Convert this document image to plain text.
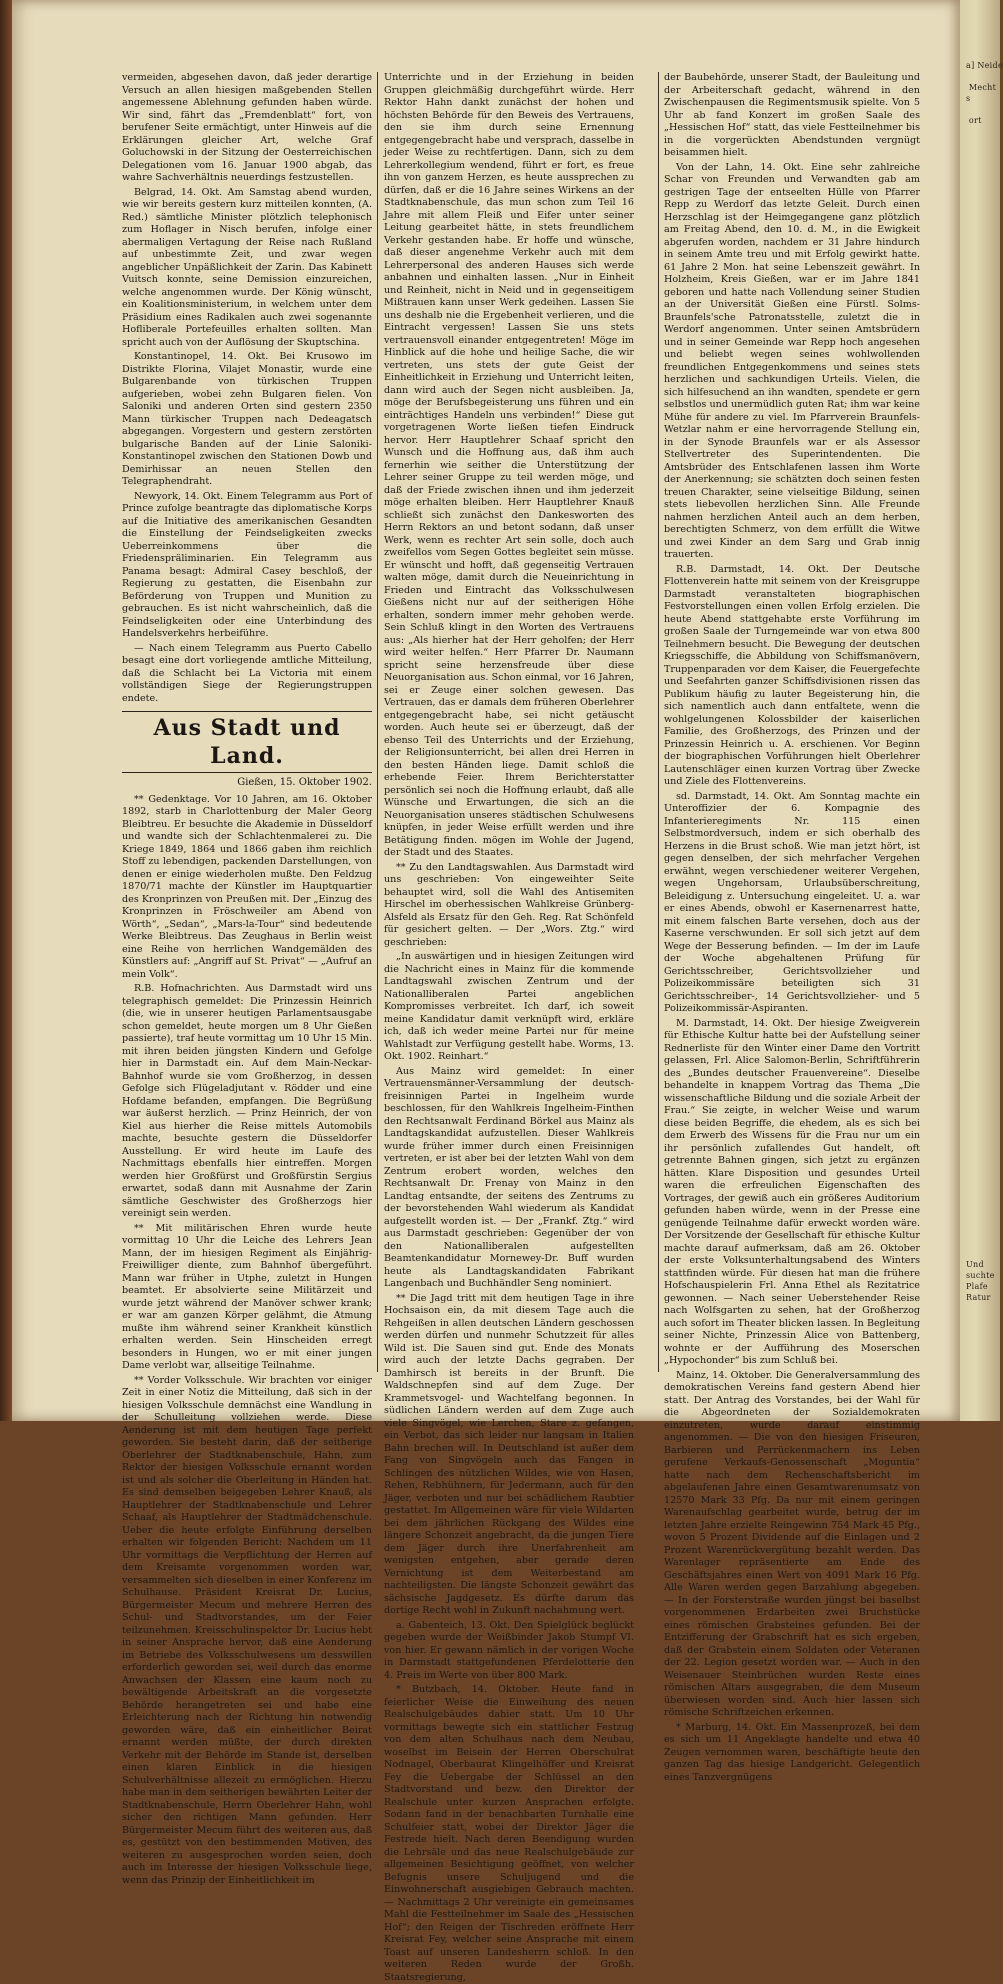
vermeiden, abgesehen davon, daß jeder derartige Versuch an allen hiesigen maßgebenden Stellen angemessene Ablehnung gefunden haben würde. Wir sind, fährt das „Fremdenblatt“ fort, von berufener Seite ermächtigt, unter Hinweis auf die Erklärungen gleicher Art, welche Graf Goluchowski in der Sitzung der Oesterreichischen Delegationen vom 16. Januar 1900 abgab, das wahre Sachverhältnis neuerdings festzustellen.

Belgrad, 14. Okt. Am Samstag abend wurden, wie wir bereits gestern kurz mitteilen konnten, (A. Red.) sämtliche Minister plötzlich telephonisch zum Hoflager in Nisch berufen, infolge einer abermaligen Vertagung der Reise nach Rußland auf unbestimmte Zeit, und zwar wegen angeblicher Unpäßlichkeit der Zarin. Das Kabinett Vuitsch konnte, seine Demission einzureichen, welche angenommen wurde. Der König wünscht, ein Koalitionsministerium, in welchem unter dem Präsidium eines Radikalen auch zwei sogenannte Hofliberale Portefeuilles erhalten sollten. Man spricht auch von der Auflösung der Skuptschina.

Konstantinopel, 14. Okt. Bei Krusowo im Distrikte Florina, Vilajet Monastir, wurde eine Bulgarenbande von türkischen Truppen aufgerieben, wobei zehn Bulgaren fielen. Von Saloniki und anderen Orten sind gestern 2350 Mann türkischer Truppen nach Dedeagatsch abgegangen. Vorgestern und gestern zerstörten bulgarische Banden auf der Linie Saloniki-Konstantinopel zwischen den Stationen Dowb und Demirhissar an neuen Stellen den Telegraphendraht.

Newyork, 14. Okt. Einem Telegramm aus Port of Prince zufolge beantragte das diplomatische Korps auf die Initiative des amerikanischen Gesandten die Einstellung der Feindseligkeiten zwecks Ueberreinkommens über die Friedenspräliminarien. Ein Telegramm aus Panama besagt: Admiral Casey beschloß, der Regierung zu gestatten, die Eisenbahn zur Beförderung von Truppen und Munition zu gebrauchen. Es ist nicht wahrscheinlich, daß die Feindseligkeiten oder eine Unterbindung des Handelsverkehrs herbeiführe.

— Nach einem Telegramm aus Puerto Cabello besagt eine dort vorliegende amtliche Mitteilung, daß die Schlacht bei La Victoria mit einem vollständigen Siege der Regierungstruppen endete.

Aus Stadt und Land.
Gießen, 15. Oktober 1902.

** Gedenktage. Vor 10 Jahren, am 16. Oktober 1892, starb in Charlottenburg der Maler Georg Bleibtreu. Er besuchte die Akademie in Düsseldorf und wandte sich der Schlachtenmalerei zu. Die Kriege 1849, 1864 und 1866 gaben ihm reichlich Stoff zu lebendigen, packenden Darstellungen, von denen er einige wiederholen mußte. Den Feldzug 1870/71 machte der Künstler im Hauptquartier des Kronprinzen von Preußen mit. Der „Einzug des Kronprinzen in Fröschweiler am Abend von Wörth“, „Sedan“, „Mars-la-Tour“ sind bedeutende Werke Bleibtreus. Das Zeughaus in Berlin weist eine Reihe von herrlichen Wandgemälden des Künstlers auf: „Angriff auf St. Privat“ — „Aufruf an mein Volk“.

R.B. Hofnachrichten. Aus Darmstadt wird uns telegraphisch gemeldet: Die Prinzessin Heinrich (die, wie in unserer heutigen Parlamentsausgabe schon gemeldet, heute morgen um 8 Uhr Gießen passierte), traf heute vormittag um 10 Uhr 15 Min. mit ihren beiden jüngsten Kindern und Gefolge hier in Darmstadt ein. Auf dem Main-Neckar-Bahnhof wurde sie vom Großherzog, in dessen Gefolge sich Flügeladjutant v. Rödder und eine Hofdame befanden, empfangen. Die Begrüßung war äußerst herzlich. — Prinz Heinrich, der von Kiel aus hierher die Reise mittels Automobils machte, besuchte gestern die Düsseldorfer Ausstellung. Er wird heute im Laufe des Nachmittags ebenfalls hier eintreffen. Morgen werden hier Großfürst und Großfürstin Sergius erwartet, sodaß dann mit Ausnahme der Zarin sämtliche Geschwister des Großherzogs hier vereinigt sein werden.

** Mit militärischen Ehren wurde heute vormittag 10 Uhr die Leiche des Lehrers Jean Mann, der im hiesigen Regiment als Einjährig-Freiwilliger diente, zum Bahnhof übergeführt. Mann war früher in Utphe, zuletzt in Hungen beamtet. Er absolvierte seine Militärzeit und wurde jetzt während der Manöver schwer krank; er war am ganzen Körper gelähmt, die Atmung mußte ihm während seiner Krankheit künstlich erhalten werden. Sein Hinscheiden erregt besonders in Hungen, wo er mit einer jungen Dame verlobt war, allseitige Teilnahme.

** Vorder Volksschule. Wir brachten vor einiger Zeit in einer Notiz die Mitteilung, daß sich in der hiesigen Volksschule demnächst eine Wandlung in der Schulleitung vollziehen werde. Diese Aenderung ist mit dem heutigen Tage perfekt geworden. Sie besteht darin, daß der seitherige Oberlehrer der Stadtknabenschule, Hahn, zum Rektor der hiesigen Volksschule ernannt worden ist und als solcher die Oberleitung in Händen hat. Es sind demselben beigegeben Lehrer Knauß, als Hauptlehrer der Stadtknabenschule und Lehrer Schaaf, als Hauptlehrer der Stadtmädchenschule. Ueber die heute erfolgte Einführung derselben erhalten wir folgenden Bericht: Nachdem um 11 Uhr vormittags die Verpflichtung der Herren auf dem Kreisamte vorgenommen worden war, versammelten sich dieselben in einer Konferenz im Schulhause. Präsident Kreisrat Dr. Lucius, Bürgermeister Mecum und mehrere Herren des Schul- und Stadtvorstandes, um der Feier teilzunehmen. Kreisschulinspektor Dr. Lucius hebt in seiner Ansprache hervor, daß eine Aenderung im Betriebe des Volksschulwesens um desswillen erforderlich geworden sei, weil durch das enorme Anwachsen der Klassen eine kaum noch zu bewältigende Arbeitskraft an die vorgesetzte Behörde herangetreten sei und habe eine Erleichterung nach der Richtung hin notwendig geworden wäre, daß ein einheitlicher Beirat ernannt werden müßte, der durch direkten Verkehr mit der Behörde im Stande ist, derselben einen klaren Einblick in die hiesigen Schulverhältnisse allezeit zu ermöglichen. Hierzu habe man in dem seitherigen bewährten Leiter der Stadtknabenschule, Herrn Oberlehrer Hahn, wohl sicher den richtigen Mann gefunden. Herr Bürgermeister Mecum führt des weiteren aus, daß es, gestützt von den bestimmenden Motiven, des weiteren zu ausgesprochen worden seien, doch auch im Interesse der hiesigen Volksschule liege, wenn das Prinzip der Einheitlichkeit im

Unterrichte und in der Erziehung in beiden Gruppen gleichmäßig durchgeführt würde. Herr Rektor Hahn dankt zunächst der hohen und höchsten Behörde für den Beweis des Vertrauens, den sie ihm durch seine Ernennung entgegengebracht habe und versprach, dasselbe in jeder Weise zu rechtfertigen. Dann, sich zu dem Lehrerkollegium wendend, führt er fort, es freue ihn von ganzem Herzen, es heute aussprechen zu dürfen, daß er die 16 Jahre seines Wirkens an der Stadtknabenschule, das mun schon zum Teil 16 Jahre mit allem Fleiß und Eifer unter seiner Leitung gearbeitet hätte, in stets freundlichem Verkehr gestanden habe. Er hoffe und wünsche, daß dieser angenehme Verkehr auch mit dem Lehrerpersonal des anderen Hauses sich werde anbahnen und einhalten lassen. „Nur in Einheit und Reinheit, nicht in Neid und in gegenseitigem Mißtrauen kann unser Werk gedeihen. Lassen Sie uns deshalb nie die Ergebenheit verlieren, und die Eintracht vergessen! Lassen Sie uns stets vertrauensvoll einander entgegentreten! Möge im Hinblick auf die hohe und heilige Sache, die wir vertreten, uns stets der gute Geist der Einheitlichkeit in Erziehung und Unterricht leiten, dann wird auch der Segen nicht ausbleiben. Ja, möge der Berufsbegeisterung uns führen und ein einträchtiges Handeln uns verbinden!“ Diese gut vorgetragenen Worte ließen tiefen Eindruck hervor. Herr Hauptlehrer Schaaf spricht den Wunsch und die Hoffnung aus, daß ihm auch fernerhin wie seither die Unterstützung der Lehrer seiner Gruppe zu teil werden möge, und daß der Friede zwischen ihnen und ihm jederzeit möge erhalten bleiben. Herr Hauptlehrer Knauß schließt sich zunächst den Dankesworten des Herrn Rektors an und betont sodann, daß unser Werk, wenn es rechter Art sein solle, doch auch zweifellos vom Segen Gottes begleitet sein müsse. Er wünscht und hofft, daß gegenseitig Vertrauen walten möge, damit durch die Neueinrichtung in Frieden und Eintracht das Volksschulwesen Gießens nicht nur auf der seitherigen Höhe erhalten, sondern immer mehr gehoben werde. Sein Schluß klingt in den Worten des Vertrauens aus: „Als hierher hat der Herr geholfen; der Herr wird weiter helfen.“ Herr Pfarrer Dr. Naumann spricht seine herzensfreude über diese Neuorganisation aus. Schon einmal, vor 16 Jahren, sei er Zeuge einer solchen gewesen. Das Vertrauen, das er damals dem früheren Oberlehrer entgegengebracht habe, sei nicht getäuscht worden. Auch heute sei er überzeugt, daß der ebenso Teil des Unterrichts und der Erziehung, der Religionsunterricht, bei allen drei Herren in den besten Händen liege. Damit schloß die erhebende Feier. Ihrem Berichterstatter persönlich sei noch die Hoffnung erlaubt, daß alle Wünsche und Erwartungen, die sich an die Neuorganisation unseres städtischen Schulwesens knüpfen, in jeder Weise erfüllt werden und ihre Betätigung finden. mögen im Wohle der Jugend, der Stadt und des Staates.

** Zu den Landtagswahlen. Aus Darmstadt wird uns geschrieben: Von eingeweihter Seite behauptet wird, soll die Wahl des Antisemiten Hirschel im oberhessischen Wahlkreise Grünberg-Alsfeld als Ersatz für den Geh. Reg. Rat Schönfeld für gesichert gelten. — Der „Wors. Ztg.“ wird geschrieben:

„In auswärtigen und in hiesigen Zeitungen wird die Nachricht eines in Mainz für die kommende Landtagswahl zwischen Zentrum und der Nationalliberalen Partei angeblichen Kompromisses verbreitet. Ich darf, ich soweit meine Kandidatur damit verknüpft wird, erkläre ich, daß ich weder meine Partei nur für meine Wahlstadt zur Verfügung gestellt habe. Worms, 13. Okt. 1902. Reinhart.“

Aus Mainz wird gemeldet: In einer Vertrauensmänner-Versammlung der deutsch-freisinnigen Partei in Ingelheim wurde beschlossen, für den Wahlkreis Ingelheim-Finthen den Rechtsanwalt Ferdinand Börkel aus Mainz als Landtagskandidat aufzustellen. Dieser Wahlkreis wurde früher immer durch einen Freisinnigen vertreten, er ist aber bei der letzten Wahl von dem Zentrum erobert worden, welches den Rechtsanwalt Dr. Frenay von Mainz in den Landtag entsandte, der seitens des Zentrums zu der bevorstehenden Wahl wiederum als Kandidat aufgestellt worden ist. — Der „Frankf. Ztg.“ wird aus Darmstadt geschrieben: Gegenüber der von den Nationalliberalen aufgestellten Beamtenkandidatur Mornewey-Dr. Buff wurden heute als Landtagskandidaten Fabrikant Langenbach und Buchhändler Seng nominiert.

** Die Jagd tritt mit dem heutigen Tage in ihre Hochsaison ein, da mit diesem Tage auch die Rehgeißen in allen deutschen Ländern geschossen werden dürfen und nunmehr Schutzzeit für alles Wild ist. Die Sauen sind gut. Ende des Monats wird auch der letzte Dachs gegraben. Der Damhirsch ist bereits in der Brunft. Die Waldschnepfen sind auf dem Zuge. Der Krammetsvogel- und Wachtelfang begonnen. In südlichen Ländern werden auf dem Zuge auch viele Singvögel, wie Lerchen, Stare z. gefangen, ein Verbot, das sich leider nur langsam in Italien Bahn brechen will. In Deutschland ist außer dem Fang von Singvögeln auch das Fangen in Schlingen des nützlichen Wildes, wie von Hasen, Rehen, Rebhühnern, für Jedermann, auch für den Jäger, verboten und nur bei schädlichem Raubtier gestattet. Im Allgemeinen wäre für viele Wildarten bei dem jährlichen Rückgang des Wildes eine längere Schonzeit angebracht, da die jungen Tiere dem Jäger durch ihre Unerfahrenheit am wenigsten entgehen, aber gerade deren Vernichtung ist dem Weiterbestand am nachteiligsten. Die längste Schonzeit gewährt das sächsische Jagdgesetz. Es dürfte darum das dortige Recht wohl in Zukunft nachahmung wert.

a. Gabenteich, 13. Okt. Den Spielglück beglückt gegeben wurde der Weißbinder Jakob Stumpf VI. von hier. Er gewann nämlich in der vorigen Woche in Darmstadt stattgefundenen Pferdelotterie den 4. Preis im Werte von über 800 Mark.

* Butzbach, 14. Oktober. Heute fand in feierlicher Weise die Einweihung des neuen Realschulgebäudes dahier statt. Um 10 Uhr vormittags bewegte sich ein stattlicher Festzug von dem alten Schulhaus nach dem Neubau, woselbst im Beisein der Herren Oberschulrat Nodnagel, Oberbaurat Klingelhöffer und Kreisrat Fey die Uebergabe der Schlüssel an den Stadtvorstand und bezw. den Direktor der Realschule unter kurzen Ansprachen erfolgte. Sodann fand in der benachbarten Turnhalle eine Schulfeier statt, wobei der Direktor Jäger die Festrede hielt. Nach deren Beendigung wurden die Lehrsäle und das neue Realschulgebäude zur allgemeinen Besichtigung geöffnet, von welcher Befugnis unsere Schuljugend und die Einwohnerschaft ausgiebigen Gebrauch machten. — Nachmittags 2 Uhr vereinigte ein gemeinsames Mahl die Festteilnehmer im Saale des „Hessischen Hof“; den Reigen der Tischreden eröffnete Herr Kreisrat Fey, welcher seine Ansprache mit einem Toast auf unseren Landesherrn schloß. In den weiteren Reden wurde der Großh. Staatsregierung,

der Baubehörde, unserer Stadt, der Bauleitung und der Arbeiterschaft gedacht, während in den Zwischenpausen die Regimentsmusik spielte. Von 5 Uhr ab fand Konzert im großen Saale des „Hessischen Hof“ statt, das viele Festteilnehmer bis in die vorgerückten Abendstunden vergnügt beisammen hielt.

Von der Lahn, 14. Okt. Eine sehr zahlreiche Schar von Freunden und Verwandten gab am gestrigen Tage der entseelten Hülle von Pfarrer Repp zu Werdorf das letzte Geleit. Durch einen Herzschlag ist der Heimgegangene ganz plötzlich am Freitag Abend, den 10. d. M., in die Ewigkeit abgerufen worden, nachdem er 31 Jahre hindurch in seinem Amte treu und mit Erfolg gewirkt hatte. 61 Jahre 2 Mon. hat seine Lebenszeit gewährt. In Holzheim, Kreis Gießen, war er im Jahre 1841 geboren und hatte nach Vollendung seiner Studien an der Universität Gießen eine Fürstl. Solms-Braunfels'sche Patronatsstelle, zuletzt die in Werdorf angenommen. Unter seinen Amtsbrüdern und in seiner Gemeinde war Repp hoch angesehen und beliebt wegen seines wohlwollenden freundlichen Entgegenkommens und seines stets herzlichen und sachkundigen Urteils. Vielen, die sich hilfesuchend an ihn wandten, spendete er gern selbstlos und unermüdlich guten Rat; ihm war keine Mühe für andere zu viel. Im Pfarrverein Braunfels-Wetzlar nahm er eine hervorragende Stellung ein, in der Synode Braunfels war er als Assessor Stellvertreter des Superintendenten. Die Amtsbrüder des Entschlafenen lassen ihm Worte der Anerkennung; sie schätzten doch seinen festen treuen Charakter, seine vielseitige Bildung, seinen stets liebevollen herzlichen Sinn. Alle Freunde nahmen herzlichen Anteil auch an dem herben, berechtigten Schmerz, von dem erfüllt die Witwe und zwei Kinder an dem Sarg und Grab innig trauerten.

R.B. Darmstadt, 14. Okt. Der Deutsche Flottenverein hatte mit seinem von der Kreisgruppe Darmstadt veranstalteten biographischen Festvorstellungen einen vollen Erfolg erzielen. Die heute Abend stattgehabte erste Vorführung im großen Saale der Turngemeinde war von etwa 800 Teilnehmern besucht. Die Bewegung der deutschen Kriegsschiffe, die Abbildung von Schiffsmanövern, Truppenparaden vor dem Kaiser, die Feuergefechte und Seefahrten ganzer Schiffsdivisionen rissen das Publikum häufig zu lauter Begeisterung hin, die sich namentlich auch dann entfaltete, wenn die wohlgelungenen Kolossbilder der kaiserlichen Familie, des Großherzogs, des Prinzen und der Prinzessin Heinrich u. A. erschienen. Vor Beginn der biographischen Vorführungen hielt Oberlehrer Lautenschläger einen kurzen Vortrag über Zwecke und Ziele des Flottenvereins.

sd. Darmstadt, 14. Okt. Am Sonntag machte ein Unteroffizier der 6. Kompagnie des Infanterieregiments Nr. 115 einen Selbstmordversuch, indem er sich oberhalb des Herzens in die Brust schoß. Wie man jetzt hört, ist gegen denselben, der sich mehrfacher Vergehen erwähnt, wegen verschiedener weiterer Vergehen, wegen Ungehorsam, Urlaubsüberschreitung, Beleidigung z. Untersuchung eingeleitet. U. a. war er eines Abends, obwohl er Kasernenarrest hatte, mit einem falschen Barte versehen, doch aus der Kaserne verschwunden. Er soll sich jetzt auf dem Wege der Besserung befinden. — Im der im Laufe der Woche abgehaltenen Prüfung für Gerichtsschreiber, Gerichtsvollzieher und Polizeikommissäre beteiligten sich 31 Gerichtsschreiber-, 14 Gerichtsvollzieher- und 5 Polizeikommissär-Aspiranten.

M. Darmstadt, 14. Okt. Der hiesige Zweigverein für Ethische Kultur hatte bei der Aufstellung seiner Rednerliste für den Winter einer Dame den Vortritt gelassen, Frl. Alice Salomon-Berlin, Schriftführerin des „Bundes deutscher Frauenvereine“. Dieselbe behandelte in knappem Vortrag das Thema „Die wissenschaftliche Bildung und die soziale Arbeit der Frau.“ Sie zeigte, in welcher Weise und warum diese beiden Begriffe, die ehedem, als es sich bei dem Erwerb des Wissens für die Frau nur um ein ihr persönlich zufallendes Gut handelt, oft getrennte Bahnen gingen, sich jetzt zu ergänzen hätten. Klare Disposition und gesundes Urteil waren die erfreulichen Eigenschaften des Vortrages, der gewiß auch ein größeres Auditorium gefunden haben würde, wenn in der Presse eine genügende Teilnahme dafür erweckt worden wäre. Der Vorsitzende der Gesellschaft für ethische Kultur machte darauf aufmerksam, daß am 26. Oktober der erste Volksunterhaltungsabend des Winters stattfinden würde. Für diesen hat man die frühere Hofschauspielerin Frl. Anna Ethel als Rezitatrice gewonnen. — Nach seiner Ueberstehender Reise nach Wolfsgarten zu sehen, hat der Großherzog auch sofort im Theater blicken lassen. In Begleitung seiner Nichte, Prinzessin Alice von Battenberg, wohnte er der Aufführung des Moserschen „Hypochonder“ bis zum Schluß bei.

Mainz, 14. Oktober. Die Generalversammlung des demokratischen Vereins fand gestern Abend hier statt. Der Antrag des Vorstandes, bei der Wahl für die Abgeordneten der Sozialdemokraten einzutreten, wurde darauf einstimmig angenommen. — Die von den hiesigen Friseuren, Barbieren und Perrückenmachern ins Leben gerufene Verkaufs-Genossenschaft „Moguntia“ hatte nach dem Rechenschaftsbericht im abgelaufenen Jahre einen Gesamtwarenumsatz von 12570 Mark 33 Pfg. Da nur mit einem geringen Warenaufschlag gearbeitet wurde, betrug der im letzten Jahre erzielte Reingewinn 754 Mark 45 Pfg., wovon 5 Prozent Dividende auf die Einlagen und 2 Prozent Warenrückvergütung bezahlt werden. Das Warenlager repräsentierte am Ende des Geschäftsjahres einen Wert von 4091 Mark 16 Pfg. Alle Waren werden gegen Barzahlung abgegeben. — In der Forsterstraße wurden jüngst bei baselbst vorgenommenen Erdarbeiten zwei Bruchstücke eines römischen Grabsteines gefunden. Bei der Entzifferung der Grabschrift hat es sich ergeben, daß der Grabstein einem Soldaten oder Veteranen der 22. Legion gesetzt worden war. — Auch in den Weisenauer Steinbrüchen wurden Reste eines römischen Altars ausgegraben, die dem Museum überwiesen worden sind. Auch hier lassen sich römische Schriftzeichen erkennen.

* Marburg, 14. Okt. Ein Massenprozeß, bei dem es sich um 11 Angeklagte handelte und etwa 40 Zeugen vernommen waren, beschäftigte heute den ganzen Tag das hiesige Landgericht. Gelegentlich eines Tanzvergnügens

a] Neide

Mecht
s

ort

Und
suchte
Plafe
Ratur
